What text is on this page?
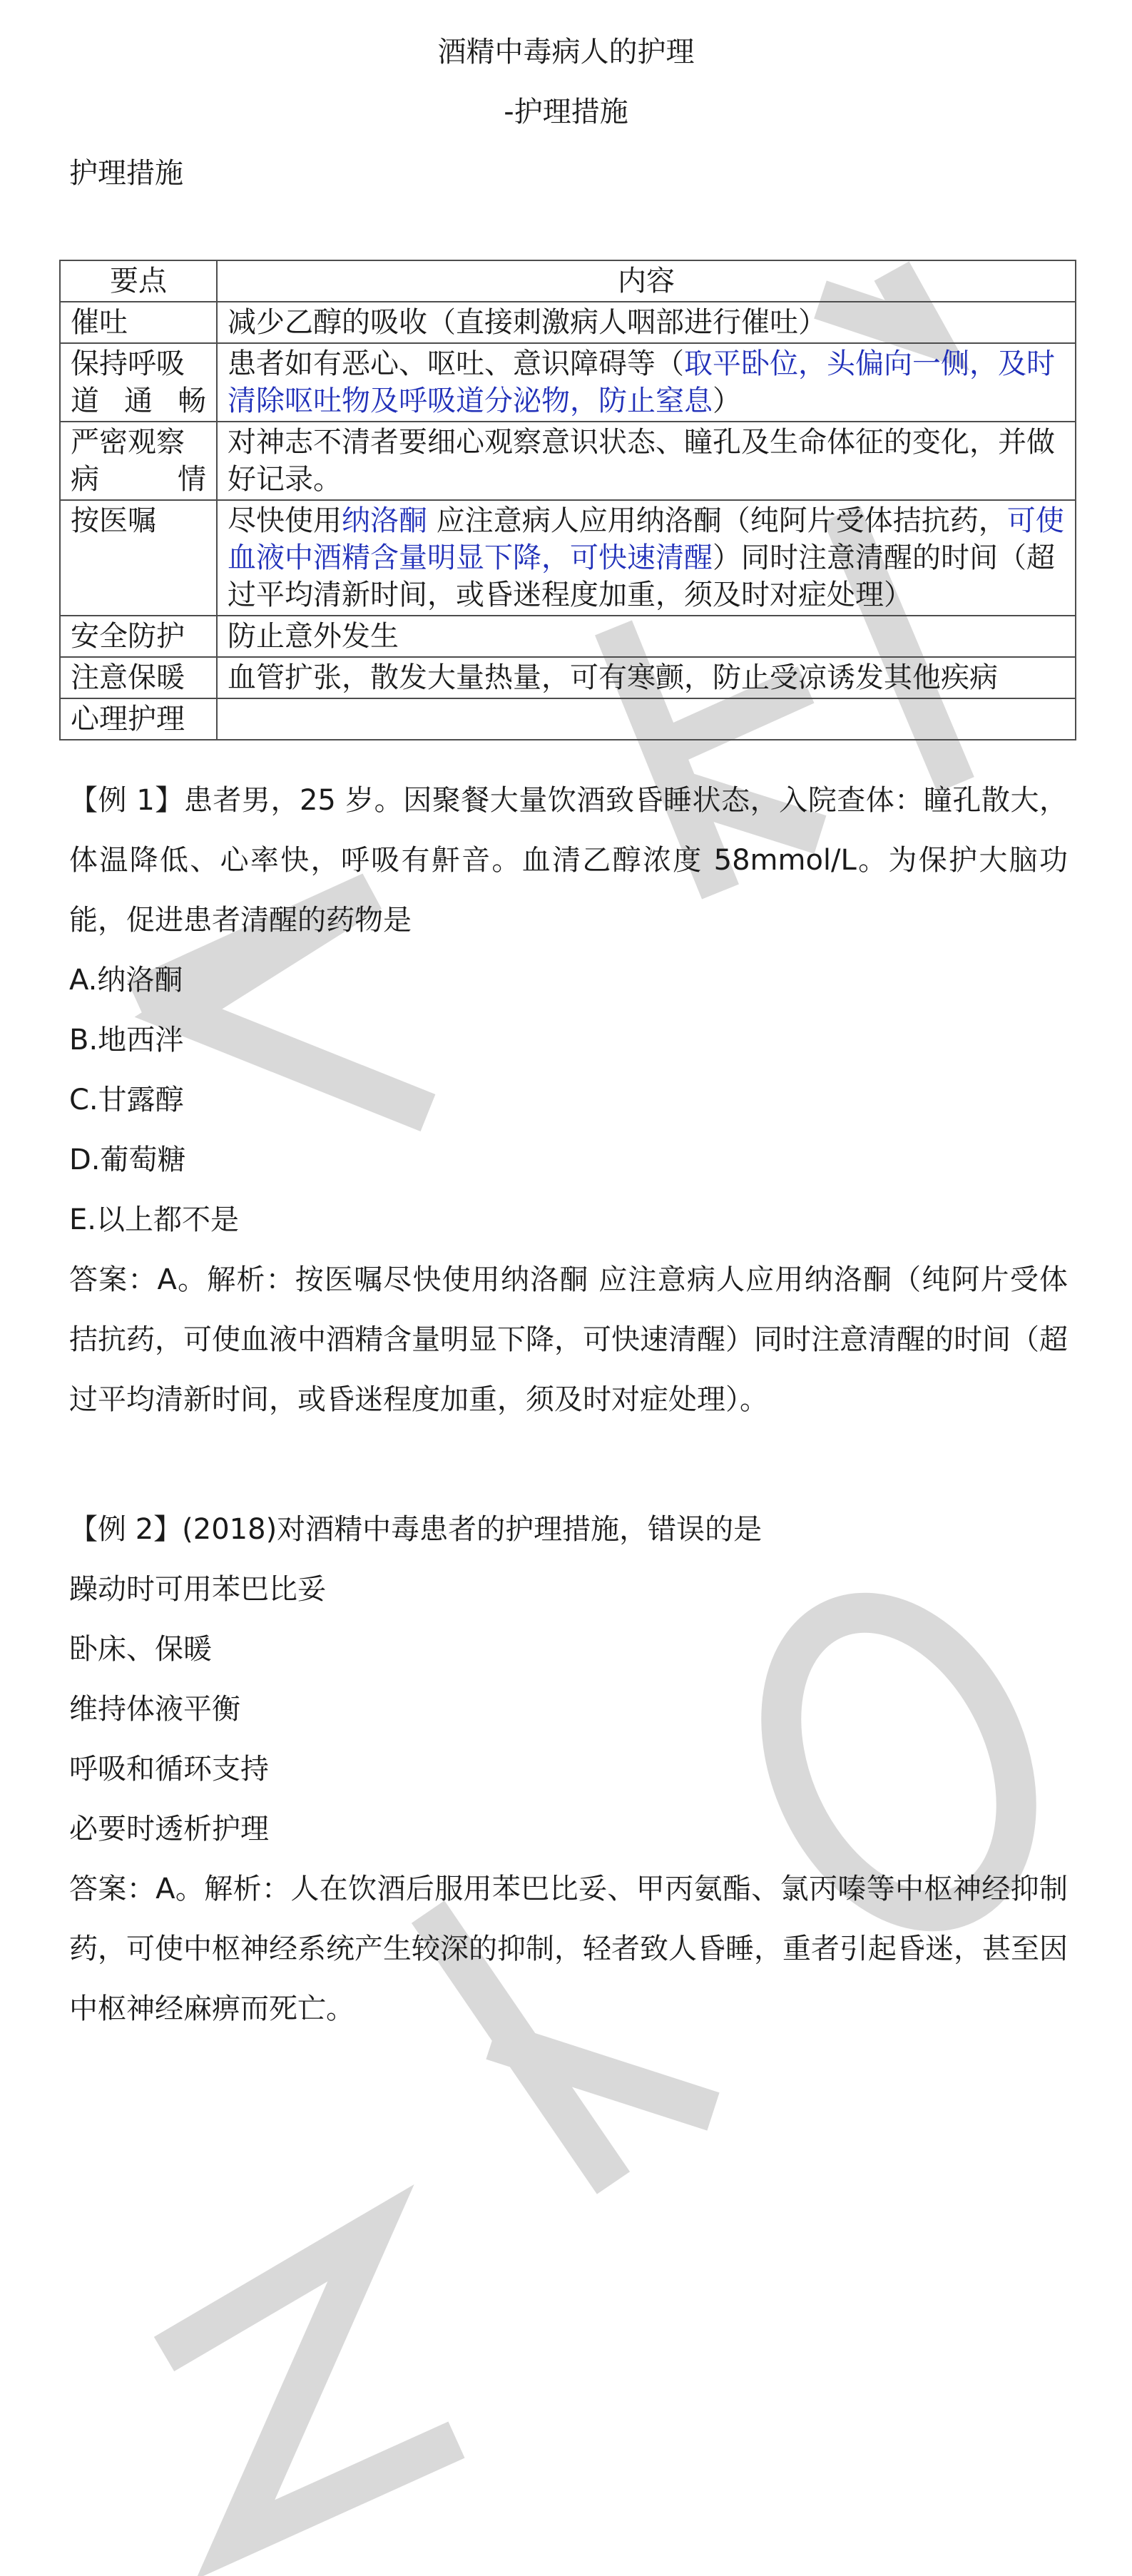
酒精中毒病人的护理
-护理措施
护理措施
要点	内容
催吐	减少乙醇的吸收（直接刺激病人咽部进行催吐）
保持呼吸道通畅	患者如有恶心、呕吐、意识障碍等（取平卧位，头偏向一侧，及时清除呕吐物及呼吸道分泌物，防止窒息）
严密观察病情	对神志不清者要细心观察意识状态、瞳孔及生命体征的变化，并做好记录。
按医嘱	尽快使用纳洛酮 应注意病人应用纳洛酮（纯阿片受体拮抗药，可使血液中酒精含量明显下降，可快速清醒）同时注意清醒的时间（超过平均清新时间，或昏迷程度加重，须及时对症处理）
安全防护	防止意外发生
注意保暖	血管扩张，散发大量热量，可有寒颤，防止受凉诱发其他疾病
心理护理	

【例 1】患者男，25 岁。因聚餐大量饮酒致昏睡状态，入院查体：瞳孔散大，体温降低、心率快，呼吸有鼾音。血清乙醇浓度 58mmol/L。为保护大脑功能，促进患者清醒的药物是

A.纳洛酮
B.地西泮
C.甘露醇
D.葡萄糖
E.以上都不是

答案：A。解析：按医嘱尽快使用纳洛酮 应注意病人应用纳洛酮（纯阿片受体拮抗药，可使血液中酒精含量明显下降，可快速清醒）同时注意清醒的时间（超过平均清新时间，或昏迷程度加重，须及时对症处理）。

【例 2】(2018)对酒精中毒患者的护理措施，错误的是

躁动时可用苯巴比妥
卧床、保暖
维持体液平衡
呼吸和循环支持
必要时透析护理

答案：A。解析：人在饮酒后服用苯巴比妥、甲丙氨酯、氯丙嗪等中枢神经抑制药，可使中枢神经系统产生较深的抑制，轻者致人昏睡，重者引起昏迷，甚至因中枢神经麻痹而死亡。
